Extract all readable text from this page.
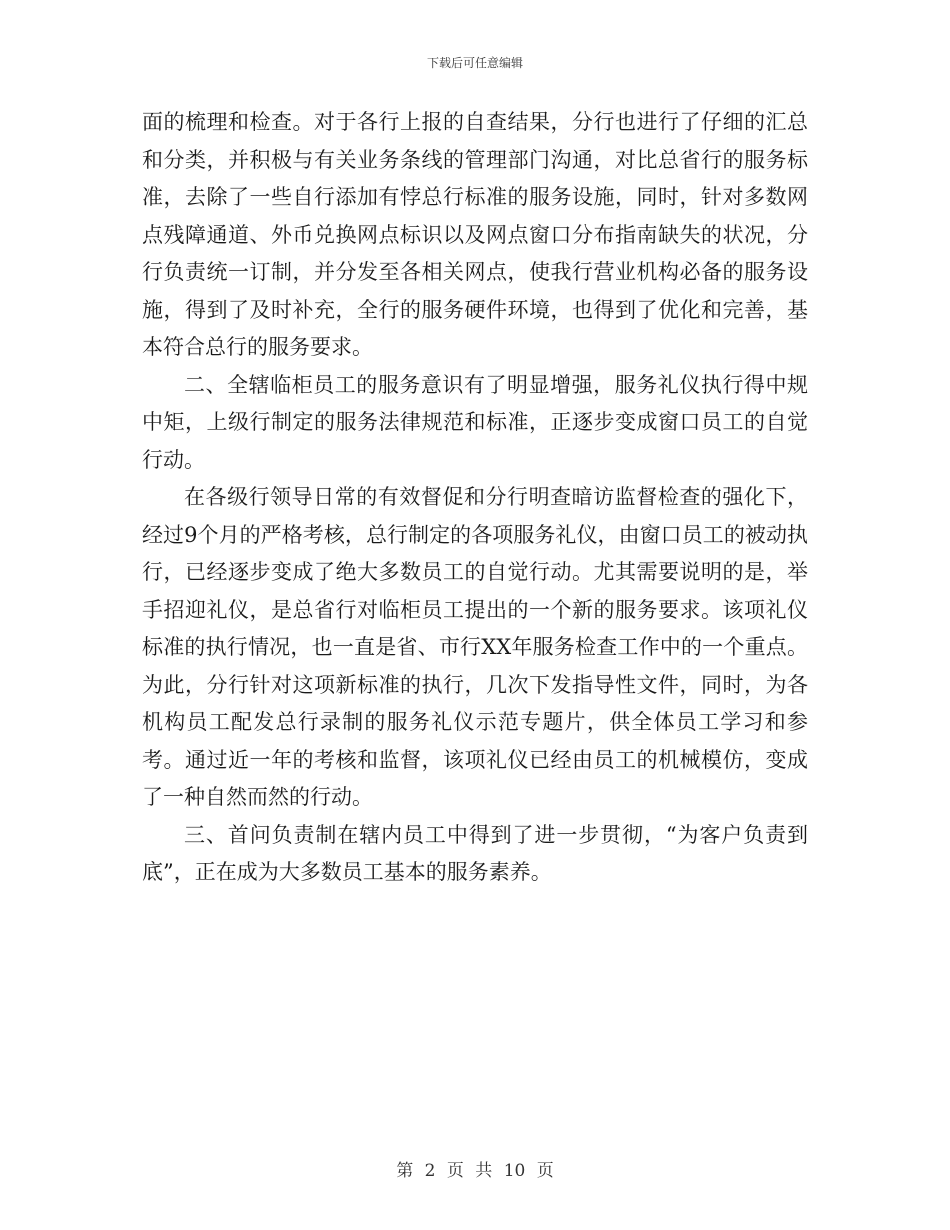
下载后可任意编辑

面的梳理和检查。对于各行上报的自查结果，分行也进行了仔细的汇总和分类，并积极与有关业务条线的管理部门沟通，对比总省行的服务标准，去除了一些自行添加有悖总行标准的服务设施，同时，针对多数网点残障通道、外币兑换网点标识以及网点窗口分布指南缺失的状况，分行负责统一订制，并分发至各相关网点，使我行营业机构必备的服务设施，得到了及时补充，全行的服务硬件环境，也得到了优化和完善，基本符合总行的服务要求。

二、全辖临柜员工的服务意识有了明显增强，服务礼仪执行得中规中矩，上级行制定的服务法律规范和标准，正逐步变成窗口员工的自觉行动。

在各级行领导日常的有效督促和分行明查暗访监督检查的强化下，经过9个月的严格考核，总行制定的各项服务礼仪，由窗口员工的被动执行，已经逐步变成了绝大多数员工的自觉行动。尤其需要说明的是，举手招迎礼仪，是总省行对临柜员工提出的一个新的服务要求。该项礼仪标准的执行情况，也一直是省、市行XX年服务检查工作中的一个重点。为此，分行针对这项新标准的执行，几次下发指导性文件，同时，为各机构员工配发总行录制的服务礼仪示范专题片，供全体员工学习和参考。通过近一年的考核和监督，该项礼仪已经由员工的机械模仿，变成了一种自然而然的行动。

三、首问负责制在辖内员工中得到了进一步贯彻，“为客户负责到底”，正在成为大多数员工基本的服务素养。

第 2 页 共 10 页
